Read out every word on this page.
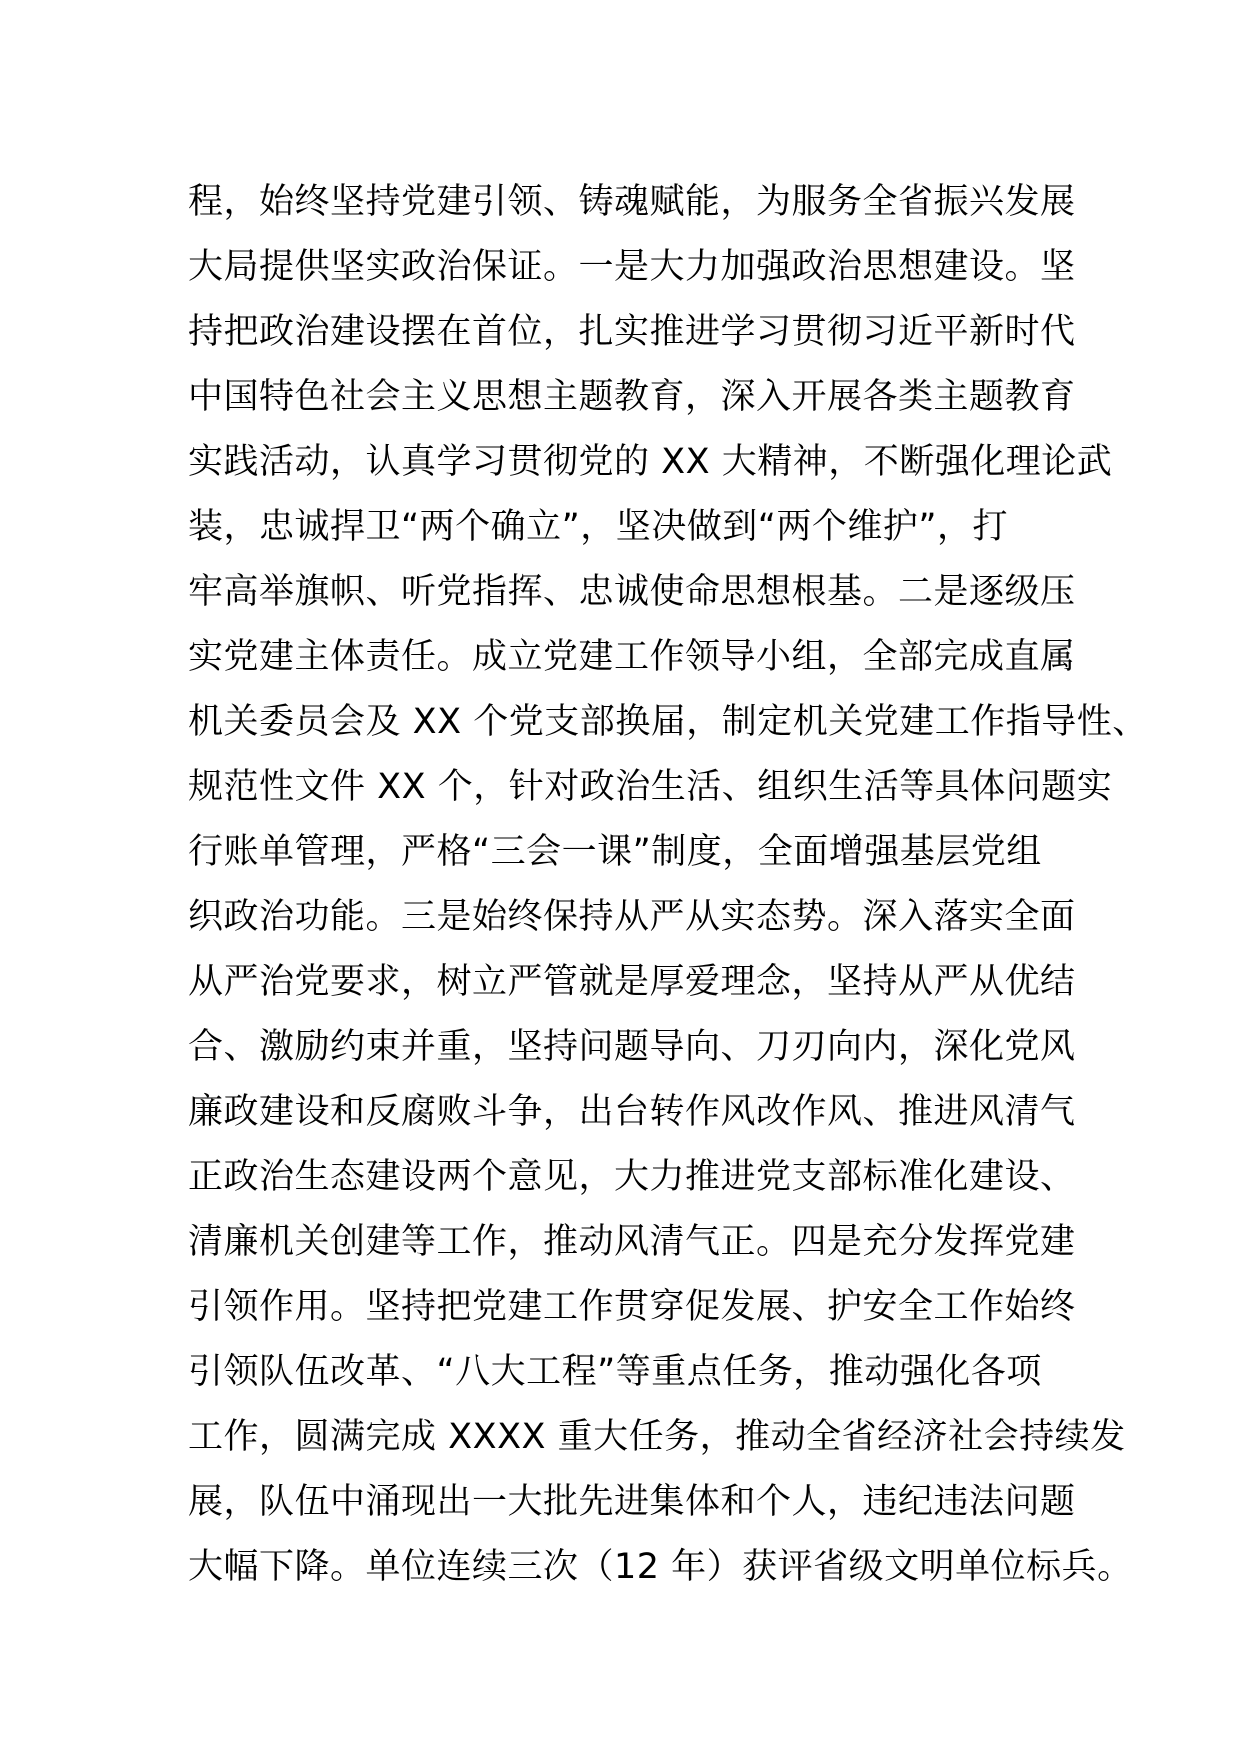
程，始终坚持党建引领、铸魂赋能，为服务全省振兴发展
大局提供坚实政治保证。一是大力加强政治思想建设。坚
持把政治建设摆在首位，扎实推进学习贯彻习近平新时代
中国特色社会主义思想主题教育，深入开展各类主题教育
实践活动，认真学习贯彻党的 XX 大精神，不断强化理论武
装，忠诚捍卫“两个确立”，坚决做到“两个维护”，打
牢高举旗帜、听党指挥、忠诚使命思想根基。二是逐级压
实党建主体责任。成立党建工作领导小组，全部完成直属
机关委员会及 XX 个党支部换届，制定机关党建工作指导性、
规范性文件 XX 个，针对政治生活、组织生活等具体问题实
行账单管理，严格“三会一课”制度，全面增强基层党组
织政治功能。三是始终保持从严从实态势。深入落实全面
从严治党要求，树立严管就是厚爱理念，坚持从严从优结
合、激励约束并重，坚持问题导向、刀刃向内，深化党风
廉政建设和反腐败斗争，出台转作风改作风、推进风清气
正政治生态建设两个意见，大力推进党支部标准化建设、
清廉机关创建等工作，推动风清气正。四是充分发挥党建
引领作用。坚持把党建工作贯穿促发展、护安全工作始终
引领队伍改革、“八大工程”等重点任务，推动强化各项
工作，圆满完成 XXXX 重大任务，推动全省经济社会持续发
展，队伍中涌现出一大批先进集体和个人，违纪违法问题
大幅下降。单位连续三次（12 年）获评省级文明单位标兵。
